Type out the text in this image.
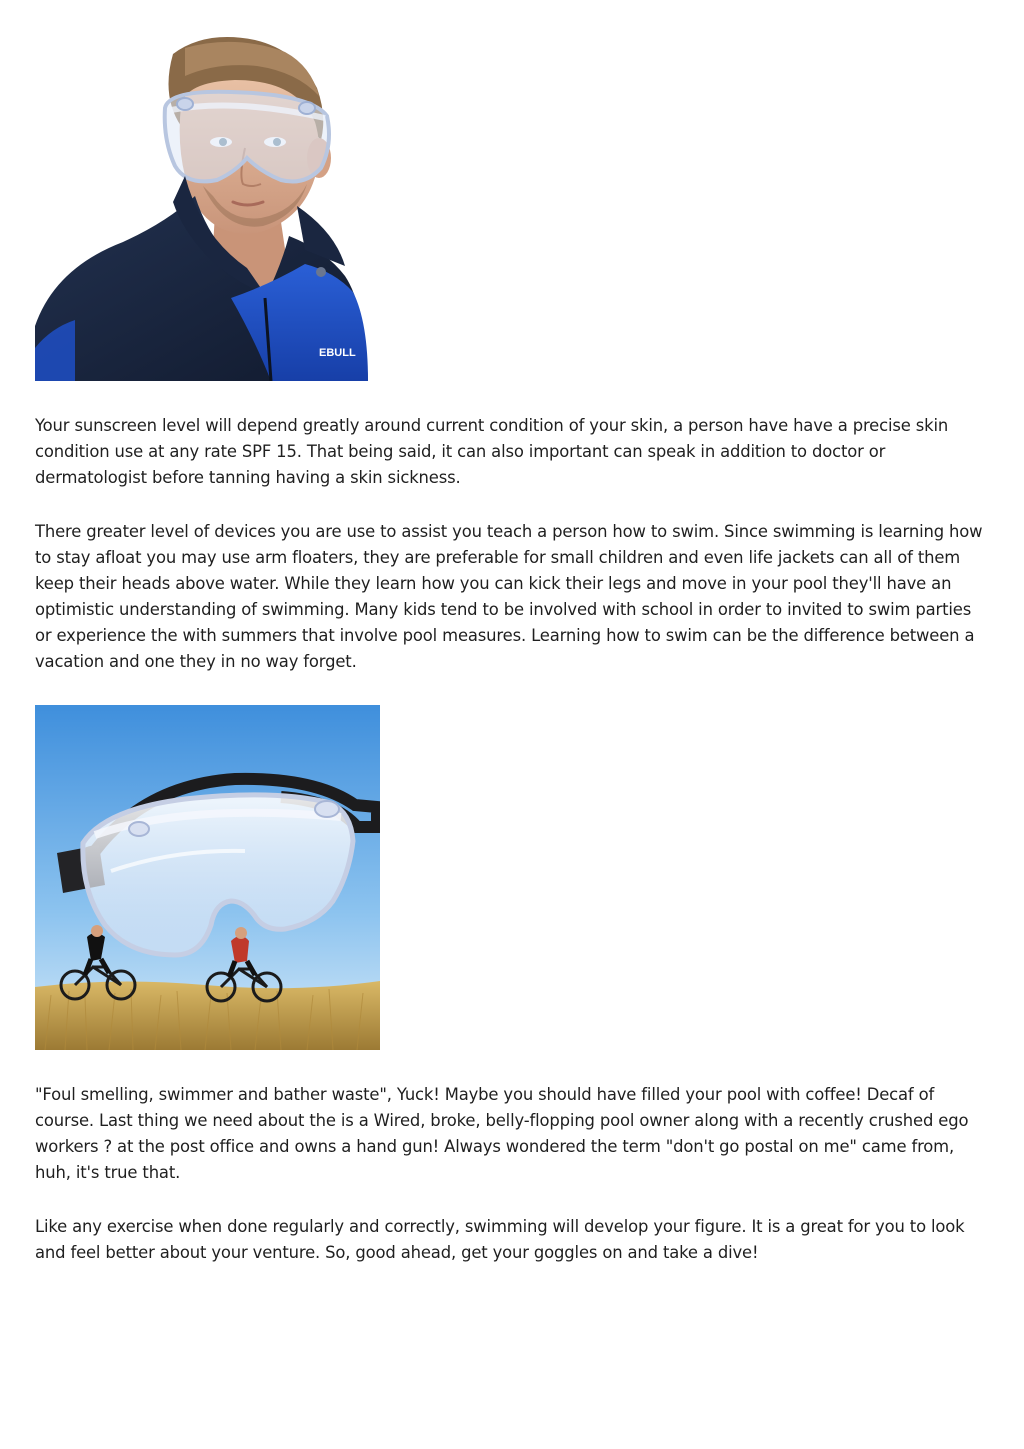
EBULL

Your sunscreen level will depend greatly around current condition of your skin, a person have have a precise skin condition use at any rate SPF 15. That being said, it can also important can speak in addition to doctor or dermatologist before tanning having a skin sickness.

There greater level of devices you are use to assist you teach a person how to swim. Since swimming is learning how to stay afloat you may use arm floaters, they are preferable for small children and even life jackets can all of them keep their heads above water. While they learn how you can kick their legs and move in your pool they'll have an optimistic understanding of swimming. Many kids tend to be involved with school in order to invited to swim parties or experience the with summers that involve pool measures. Learning how to swim can be the difference between a vacation and one they in no way forget.

"Foul smelling, swimmer and bather waste", Yuck! Maybe you should have filled your pool with coffee! Decaf of course. Last thing we need about the is a Wired, broke, belly-flopping pool owner along with a recently crushed ego workers ? at the post office and owns a hand gun! Always wondered the term "don't go postal on me" came from, huh, it's true that.

Like any exercise when done regularly and correctly, swimming will develop your figure. It is a great for you to look and feel better about your venture. So, good ahead, get your goggles on and take a dive!
